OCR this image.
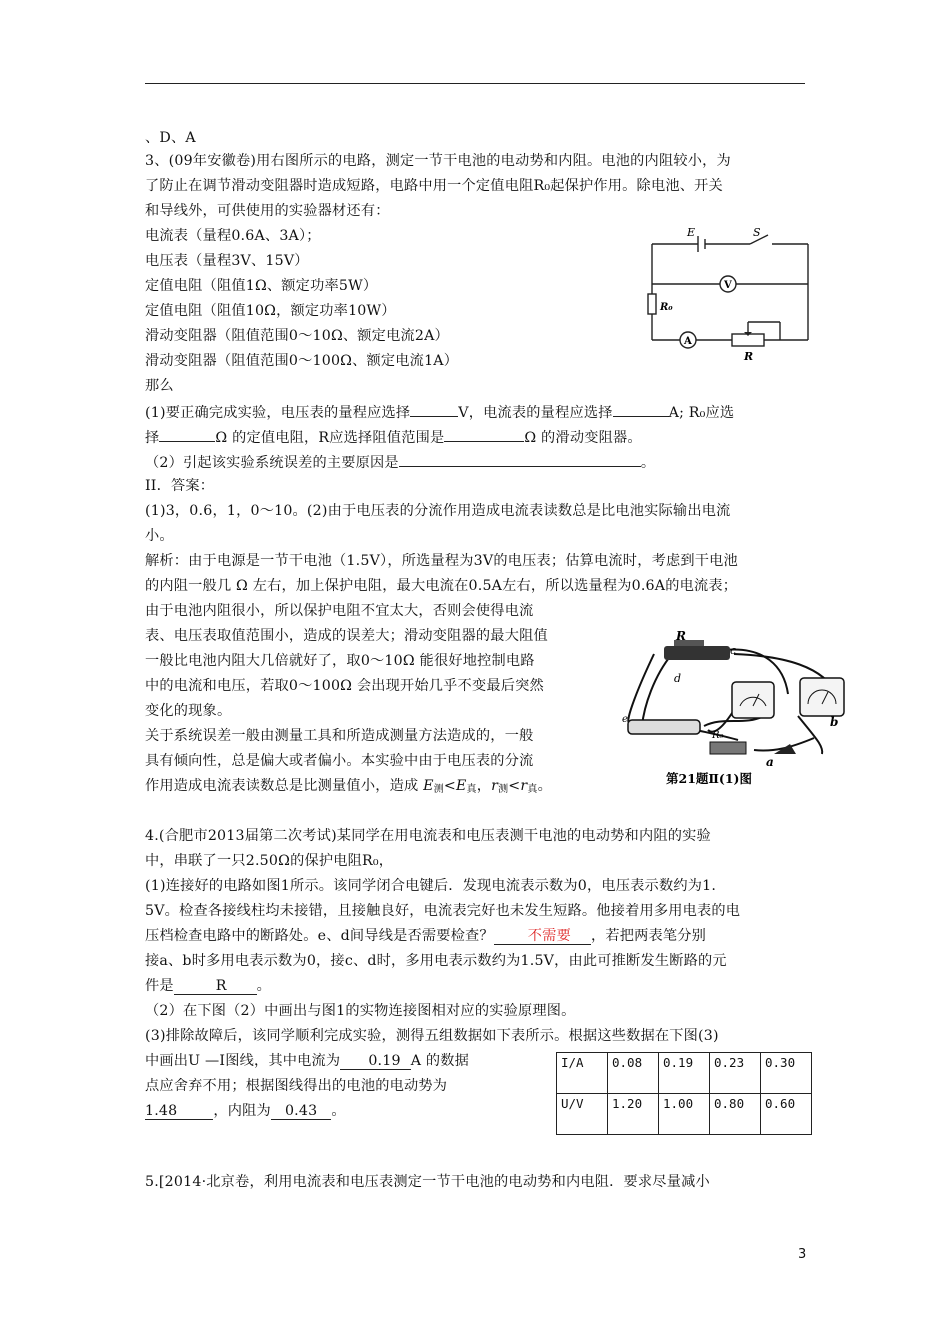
、D、A
3、(09年安徽卷)用右图所示的电路，测定一节干电池的电动势和内阻。电池的内阻较小，为
了防止在调节滑动变阻器时造成短路，电路中用一个定值电阻R₀起保护作用。除电池、开关
和导线外，可供使用的实验器材还有：
电流表（量程0.6A、3A）；
电压表（量程3V、15V）
定值电阻（阻值1Ω、额定功率5W）
定值电阻（阻值10Ω，额定功率10W）
滑动变阻器（阻值范围0～10Ω、额定电流2A）
滑动变阻器（阻值范围0～100Ω、额定电流1A）
那么
(1)要正确完成实验，电压表的量程应选择	V，电流表的量程应选择	A; R₀应选
择	Ω 的定值电阻，R应选择阻值范围是	Ω 的滑动变阻器。
（2）引起该实验系统误差的主要原因是	。
II．答案：
(1)3，0.6，1，0～10。(2)由于电压表的分流作用造成电流表读数总是比电池实际输出电流
小。
解析：由于电源是一节干电池（1.5V），所选量程为3V的电压表；估算电流时，考虑到干电池
的内阻一般几 Ω 左右，加上保护电阻，最大电流在0.5A左右，所以选量程为0.6A的电流表；
由于电池内阻很小，所以保护电阻不宜太大，否则会使得电流
表、电压表取值范围小，造成的误差大；滑动变阻器的最大阻值
一般比电池内阻大几倍就好了，取0～10Ω 能很好地控制电路
中的电流和电压，若取0～100Ω 会出现开始几乎不变最后突然
变化的现象。
关于系统误差一般由测量工具和所造成测量方法造成的，一般
具有倾向性，总是偏大或者偏小。本实验中由于电压表的分流
作用造成电流表读数总是比测量值小，造成 $E_测<E_真$，$r_测<r_真$。
4.(合肥市2013届第二次考试)某同学在用电流表和电压表测干电池的电动势和内阻的实验
中，串联了一只2.50Ω的保护电阻R₀，
(1)连接好的电路如图1所示。该同学闭合电键后．发现电流表示数为0，电压表示数约为1.
5V。检查各接线柱均未接错，且接触良好，电流表完好也未发生短路。他接着用多用电表的电
压档检查电路中的断路处。e、d间导线是否需要检查？ 不需要 ，若把两表笔分别
接a、b时多用电表示数为0，接c、d时，多用电表示数约为1.5V，由此可推断发生断路的元
件是	R 。
（2）在下图（2）中画出与图1的实物连接图相对应的实验原理图。
(3)排除故障后，该同学顺利完成实验，测得五组数据如下表所示。根据这些数据在下图(3)
中画出U —I图线，其中电流为 0.19 A 的数据
点应舍弃不用；根据图线得出的电池的电动势为
1.48	，内阻为 0.43 。
5.[2014·北京卷，利用电流表和电压表测定一节干电池的电动势和内电阻．要求尽量减小
I/A	0.08	0.19	0.23	0.30
U/V	1.20	1.00	0.80	0.60
E	S
V
R₀
A
R
R
c
d
e	b
a
R₀
第21题Ⅱ(1)图
3
